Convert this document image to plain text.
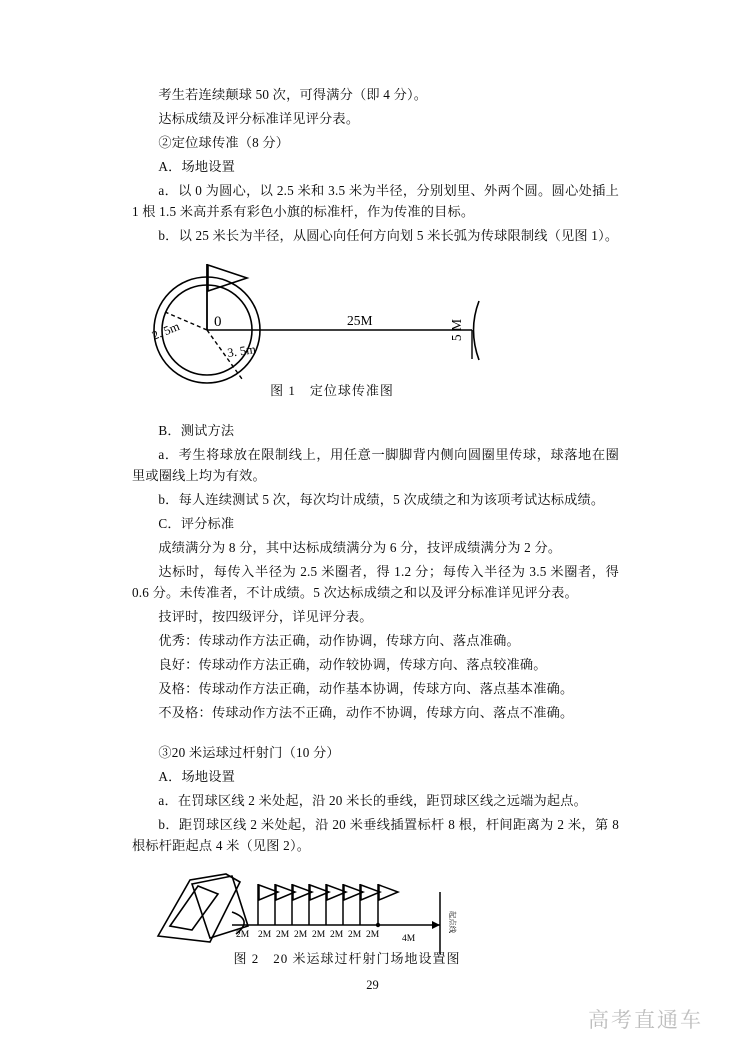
考生若连续颠球 50 次，可得满分（即 4 分）。

达标成绩及评分标准详见评分表。

②定位球传准（8 分）

A．场地设置

a．以 0 为圆心，以 2.5 米和 3.5 米为半径，分别划里、外两个圆。圆心处插上 1 根 1.5 米高并系有彩色小旗的标准杆，作为传准的目标。

b．以 25 米长为半径，从圆心向任何方向划 5 米长弧为传球限制线（见图 1）。

0
2. 5m
3. 5m
25M	5 M
图 1 定位球传准图

B．测试方法

a．考生将球放在限制线上，用任意一脚脚背内侧向圆圈里传球，球落地在圈里或圈线上均为有效。

b．每人连续测试 5 次，每次均计成绩，5 次成绩之和为该项考试达标成绩。

C．评分标准

成绩满分为 8 分，其中达标成绩满分为 6 分，技评成绩满分为 2 分。

达标时，每传入半径为 2.5 米圈者，得 1.2 分；每传入半径为 3.5 米圈者，得 0.6 分。未传准者，不计成绩。5 次达标成绩之和以及评分标准详见评分表。

技评时，按四级评分，详见评分表。

优秀：传球动作方法正确，动作协调，传球方向、落点准确。

良好：传球动作方法正确，动作较协调，传球方向、落点较准确。

及格：传球动作方法正确，动作基本协调，传球方向、落点基本准确。

不及格：传球动作方法不正确，动作不协调，传球方向、落点不准确。

③20 米运球过杆射门（10 分）

A．场地设置

a．在罚球区线 2 米处起，沿 20 米长的垂线，距罚球区线之远端为起点。

b．距罚球区线 2 米处起，沿 20 米垂线插置标杆 8 根，杆间距离为 2 米，第 8 根标杆距起点 4 米（见图 2）。

2M 2M 2M 2M 2M 2M 2M 2M 4M
起点线
图 2 20 米运球过杆射门场地设置图
29
高考直通车
